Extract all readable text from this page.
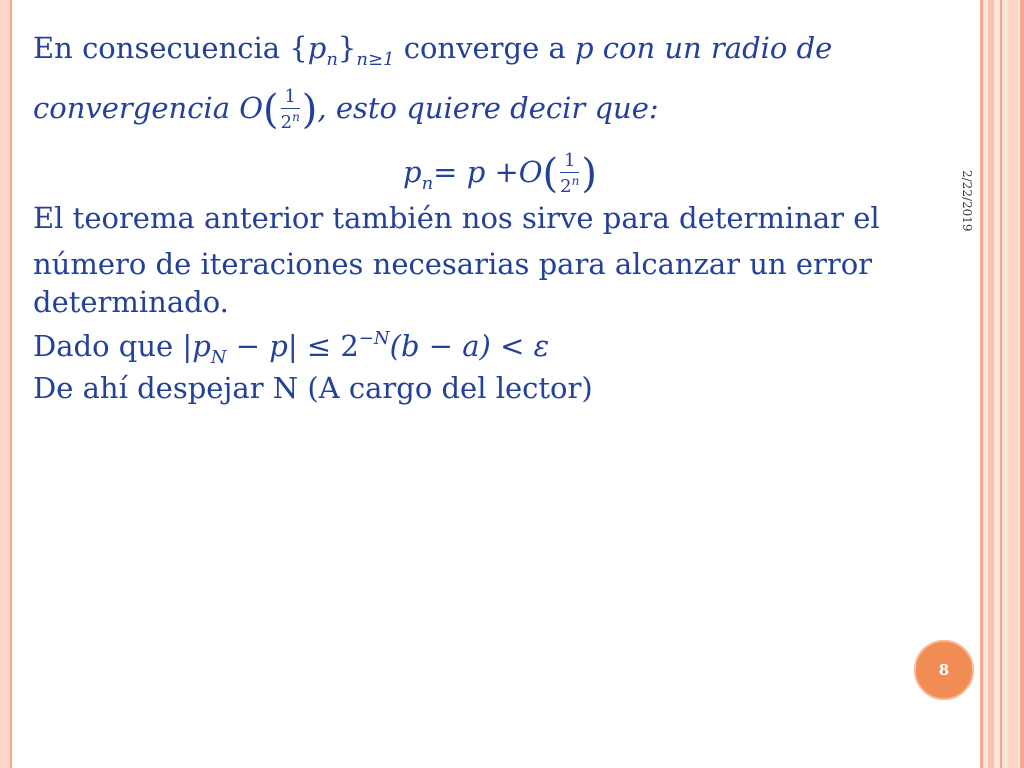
En consecuencia $\{p_n\}_{n\ge 1}$ converge a p con un radio de
convergencia $O( \frac{1}{2^n}$ ), esto quiere decir que:
$p_n= p +O( \frac{1}{2^n}$ )
El teorema anterior también nos sirve para determinar el
número de iteraciones necesarias para alcanzar un error
determinado.
Dado que $|p_N - p| \le 2^{-N}(b - a) < \varepsilon$
De ahí despejar N (A cargo del lector)
2/22/2019
8
